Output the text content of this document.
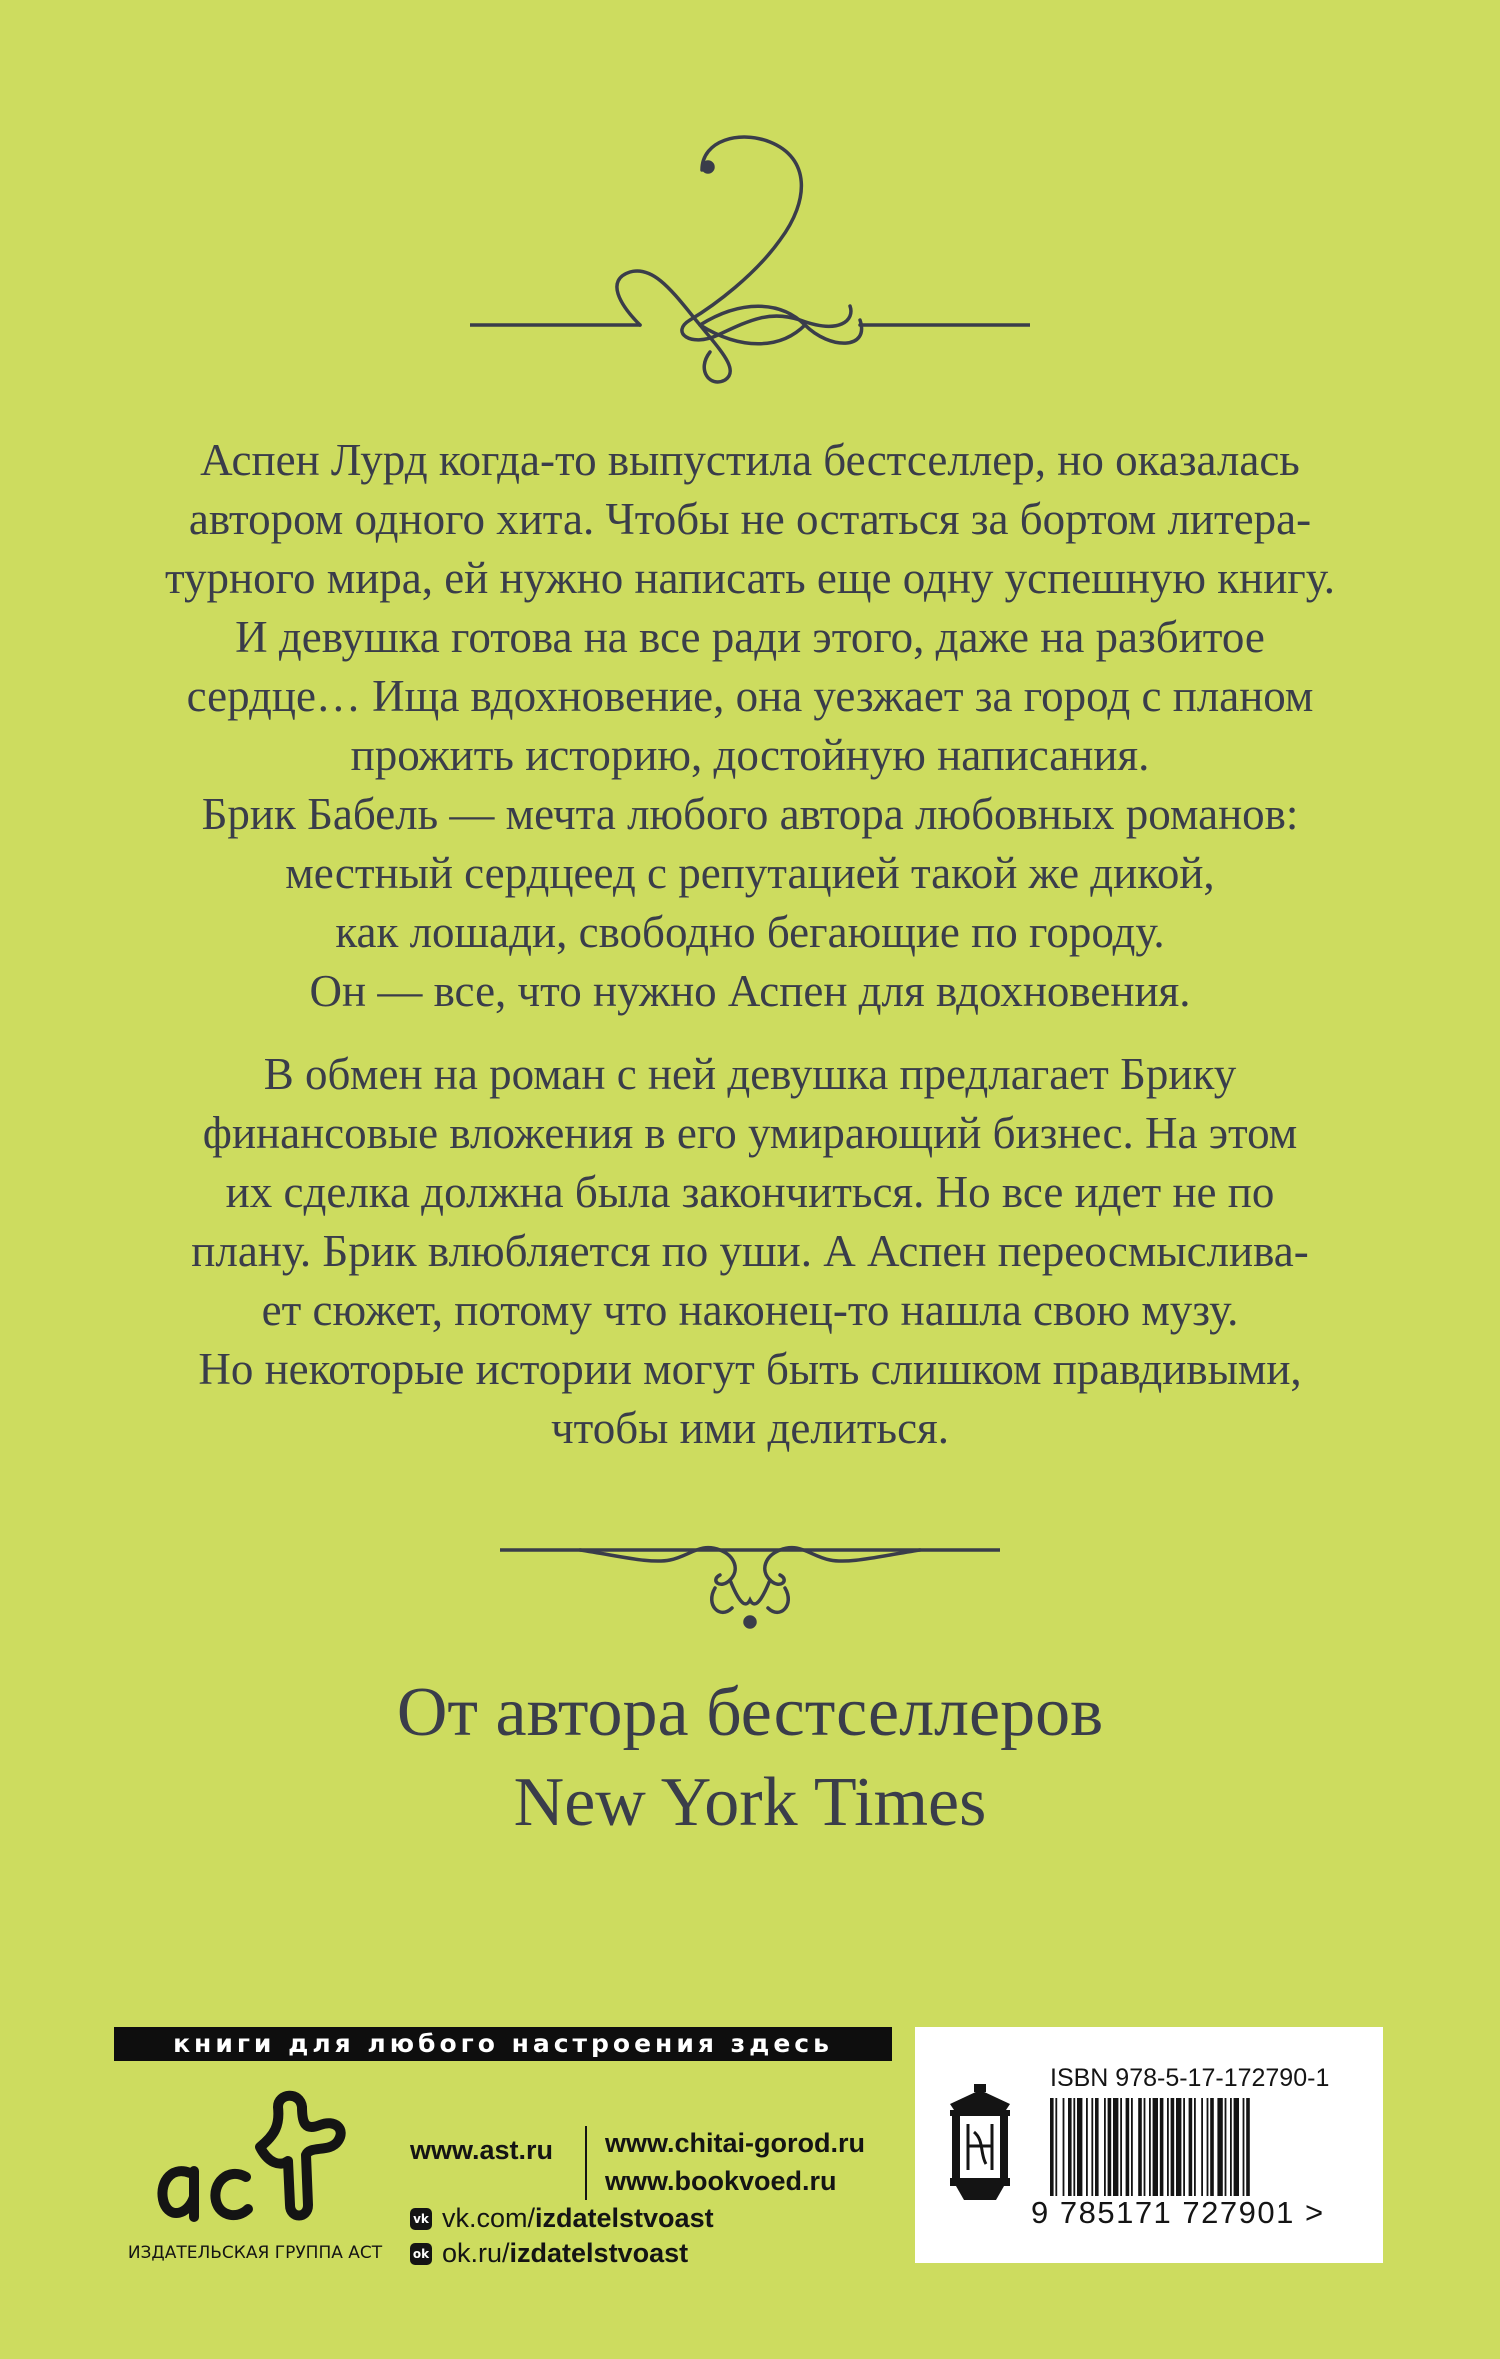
Аспен Лурд когда-то выпустила бестселлер, но оказалась

автором одного хита. Чтобы не остаться за бортом литера-

турного мира, ей нужно написать еще одну успешную книгу.

И девушка готова на все ради этого, даже на разбитое

сердце… Ища вдохновение, она уезжает за город с планом

прожить историю, достойную написания.

Брик Бабель — мечта любого автора любовных романов:

местный сердцеед с репутацией такой же дикой,

как лошади, свободно бегающие по городу.

Он — все, что нужно Аспен для вдохновения.

В обмен на роман с ней девушка предлагает Брику

финансовые вложения в его умирающий бизнес. На этом

их сделка должна была закончиться. Но все идет не по

плану. Брик влюбляется по уши. А Аспен переосмыслива-

ет сюжет, потому что наконец-то нашла свою музу.

Но некоторые истории могут быть слишком правдивыми,

чтобы ими делиться.

От автора бестселлеров
New York Times
книги для любого настроения здесь
ИЗДАТЕЛЬСКАЯ ГРУППА АСТ
www.ast.ru www.chitai-gorod.ru
www.bookvoed.ru
vk vk.com/izdatelstvoast
ok ok.ru/izdatelstvoast
ISBN 978-5-17-172790-1
9 785171 727901 >
